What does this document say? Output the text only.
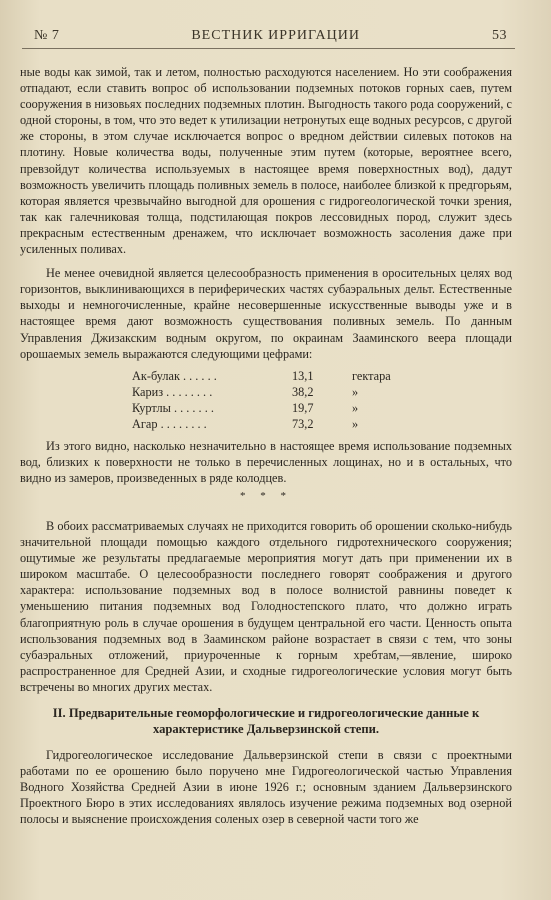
№ 7	ВЕСТНИК ИРРИГАЦИИ	53

ные воды как зимой, так и летом, полностью расходуются населением. Но эти соображения отпадают, если ставить вопрос об использовании подземных потоков горных саев, путем сооружения в низовьях последних подземных плотин. Выгодность такого рода сооружений, с одной стороны, в том, что это ведет к утилизации нетронутых еще водных ресурсов, с другой же стороны, в этом случае исключается вопрос о вредном действии силевых потоков на плотину. Новые количества воды, полученные этим путем (которые, вероятнее всего, превзойдут количества используемых в настоящее время поверхностных вод), дадут возможность увеличить площадь поливных земель в полосе, наиболее близкой к предгорьям, которая является чрезвычайно выгодной для орошения с гидрогеологической точки зрения, так как галечниковая толща, подстилающая покров лессовидных пород, служит здесь прекрасным естественным дренажем, что исключает возможность засоления даже при усиленных поливах.

Не менее очевидной является целесообразность применения в оросительных целях вод горизонтов, выклинивающихся в периферических частях субаэральных дельт. Естественные выходы и немногочисленные, крайне несовершенные искусственные выводы уже и в настоящее время дают возможность существования поливных земель. По данным Управления Джизакским водным округом, по окраинам Зааминского веера площади орошаемых земель выражаются следующими цефрами:

Ак-булак . . . . . .	13,1	гектара
Кариз . . . . . . . .	38,2	»
Куртлы . . . . . . .	19,7	»
Агар . . . . . . . .	73,2	»

Из этого видно, насколько незначительно в настоящее время использование подземных вод, близких к поверхности не только в перечисленных лощинах, но и в остальных, что видно из замеров, произведенных в ряде колодцев.

* * *

В обоих рассматриваемых случаях не приходится говорить об орошении сколько-нибудь значительной площади помощью каждого отдельного гидротехнического сооружения; ощутимые же результаты предлагаемые мероприятия могут дать при применении их в широком масштабе. О целесообразности последнего говорят соображения и другого характера: использование подземных вод в полосе волнистой равнины поведет к уменьшению питания подземных вод Голодностепского плато, что должно играть благоприятную роль в случае орошения в будущем центральной его части. Ценность опыта использования подземных вод в Зааминском районе возрастает в связи с тем, что зоны субаэральных отложений, приуроченные к горным хребтам,—явление, широко распространенное для Средней Азии, и сходные гидрогеологические условия могут быть встречены во многих других местах.

II. Предварительные геоморфологические и гидрогеологические данные к характеристике Дальверзинской степи.

Гидрогеологическое исследование Дальверзинской степи в связи с проектными работами по ее орошению было поручено мне Гидрогеологической частью Управления Водного Хозяйства Средней Азии в июне 1926 г.; основным зданием Дальверзинского Проектного Бюро в этих исследованиях являлось изучение режима подземных вод озерной полосы и выяснение происхождения соленых озер в северной части того же
